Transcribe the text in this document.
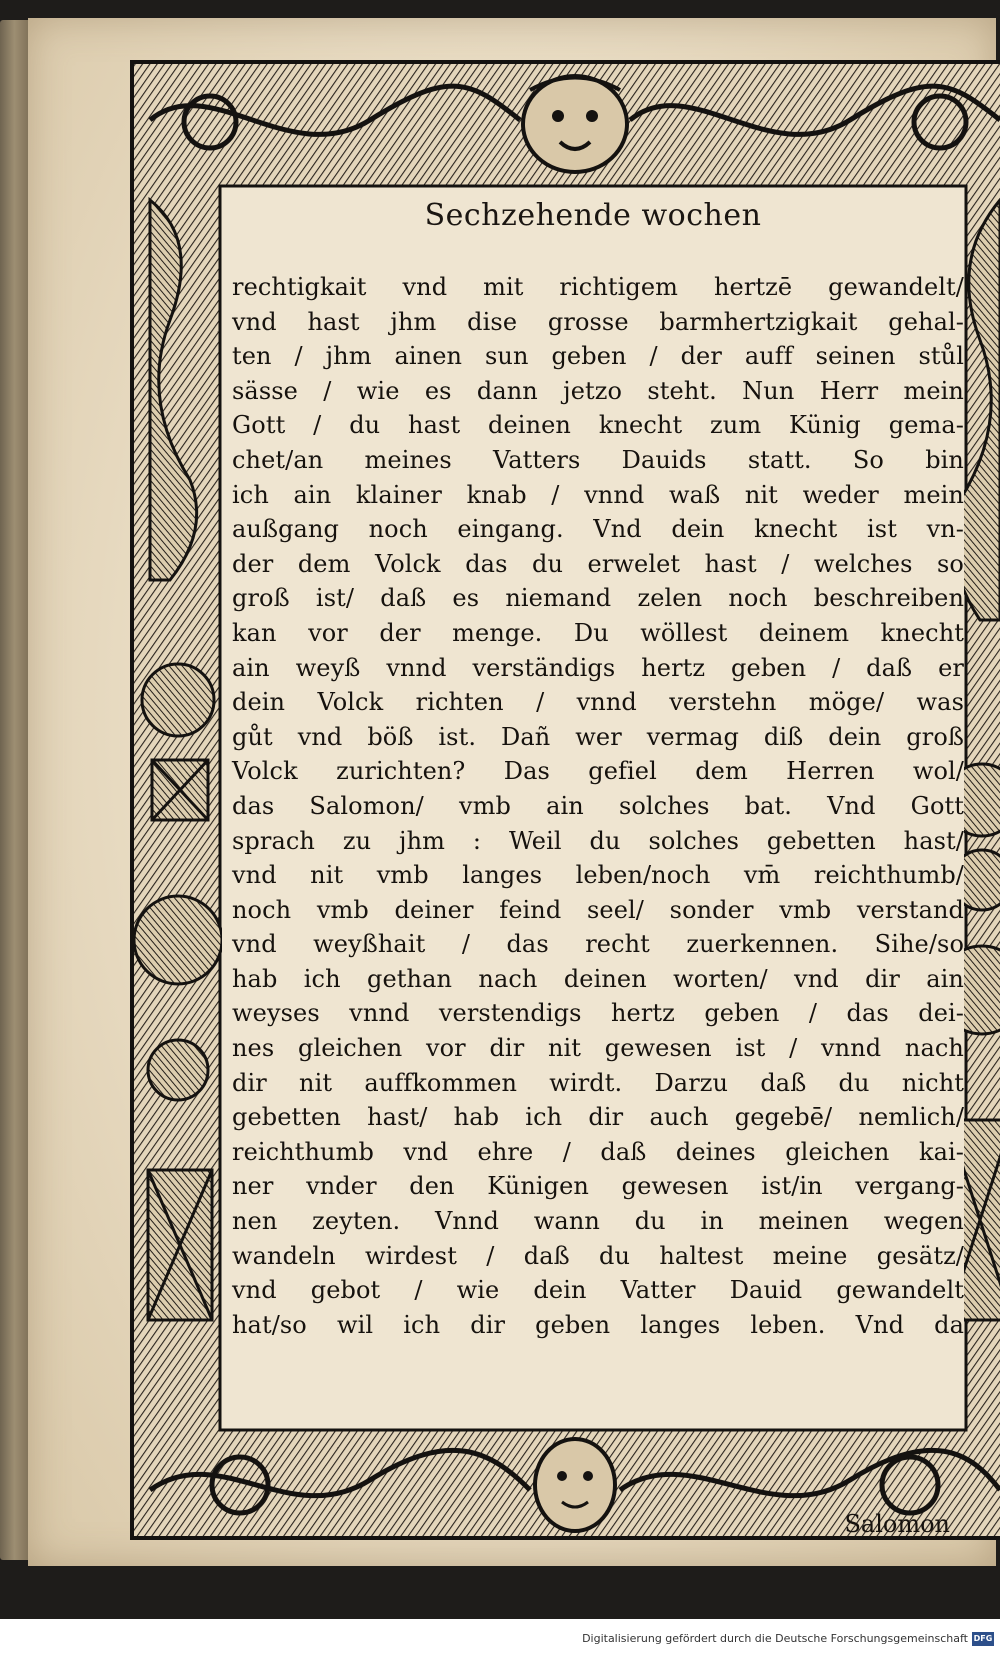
Sechzehende wochen
rechtigkait vnd mit richtigem hertzē gewandelt/
vnd hast jhm dise grosse barmhertzigkait gehal-
ten / jhm ainen sun geben / der auff seinen stůl
sässe / wie es dann jetzo steht. Nun Herr mein
Gott / du hast deinen knecht zum Künig gema-
chet/an meines Vatters Dauids statt. So bin
ich ain klainer knab / vnnd waß nit weder mein
außgang noch eingang. Vnd dein knecht ist vn-
der dem Volck das du erwelet hast / welches so
groß ist/ daß es niemand zelen noch beschreiben
kan vor der menge. Du wöllest deinem knecht
ain weyß vnnd verständigs hertz geben / daß er
dein Volck richten / vnnd verstehn möge/ was
gůt vnd böß ist. Dañ wer vermag diß dein groß
Volck zurichten? Das gefiel dem Herren wol/
das Salomon/ vmb ain solches bat. Vnd Gott
sprach zu jhm : Weil du solches gebetten hast/
vnd nit vmb langes leben/noch vm̄ reichthumb/
noch vmb deiner feind seel/ sonder vmb verstand
vnd weyßhait / das recht zuerkennen. Sihe/so
hab ich gethan nach deinen worten/ vnd dir ain
weyses vnnd verstendigs hertz geben / das dei-
nes gleichen vor dir nit gewesen ist / vnnd nach
dir nit auffkommen wirdt. Darzu daß du nicht
gebetten hast/ hab ich dir auch gegebē/ nemlich/
reichthumb vnd ehre / daß deines gleichen kai-
ner vnder den Künigen gewesen ist/in vergang-
nen zeyten. Vnnd wann du in meinen wegen
wandeln wirdest / daß du haltest meine gesätz/
vnd gebot / wie dein Vatter Dauid gewandelt
hat/so wil ich dir geben langes leben. Vnd da
Salomon
Digitalisierung gefördert durch die Deutsche Forschungsgemeinschaft DFG
